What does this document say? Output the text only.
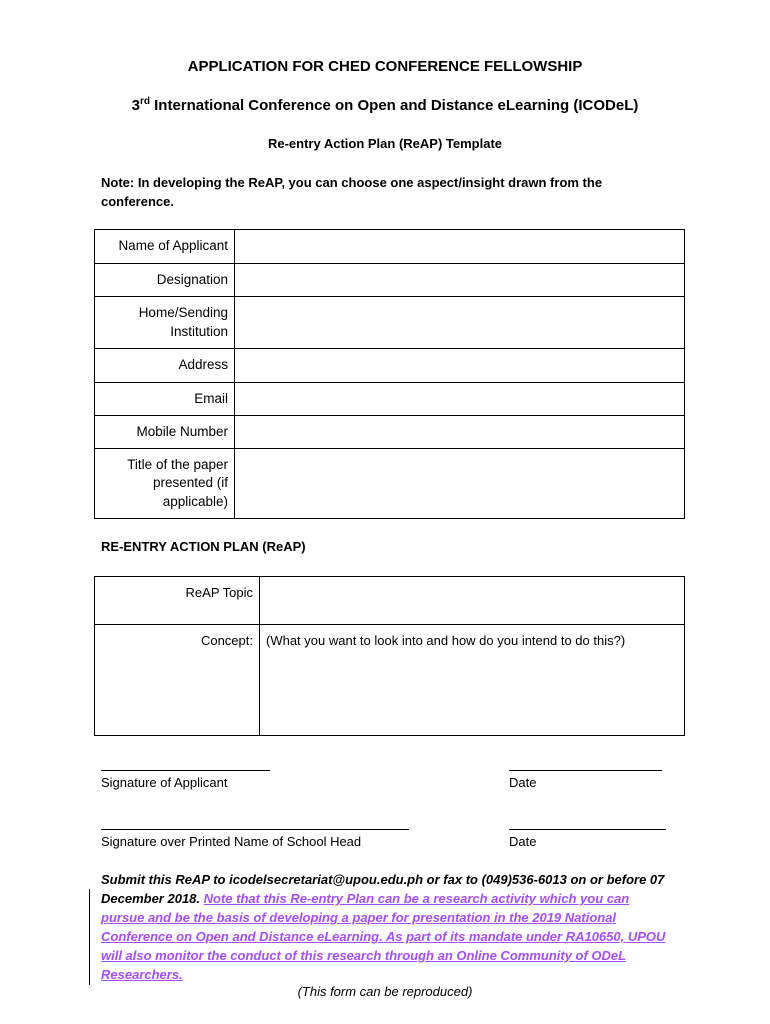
APPLICATION FOR CHED CONFERENCE FELLOWSHIP
3rd International Conference on Open and Distance eLearning (ICODeL)
Re-entry Action Plan (ReAP) Template
Note: In developing the ReAP, you can choose one aspect/insight drawn from the conference.
Name of Applicant	
Designation	
Home/Sending Institution	
Address	
Email	
Mobile Number	
Title of the paper presented (if applicable)	
RE-ENTRY ACTION PLAN (ReAP)
ReAP Topic	
Concept:	(What you want to look into and how do you intend to do this?)
Signature of Applicant	Date
Signature over Printed Name of School Head	Date
Submit this ReAP to icodelsecretariat@upou.edu.ph or fax to (049)536-6013 on or before 07 December 2018. Note that this Re-entry Plan can be a research activity which you can pursue and be the basis of developing a paper for presentation in the 2019 National Conference on Open and Distance eLearning. As part of its mandate under RA10650, UPOU will also monitor the conduct of this research through an Online Community of ODeL Researchers.
(This form can be reproduced)
